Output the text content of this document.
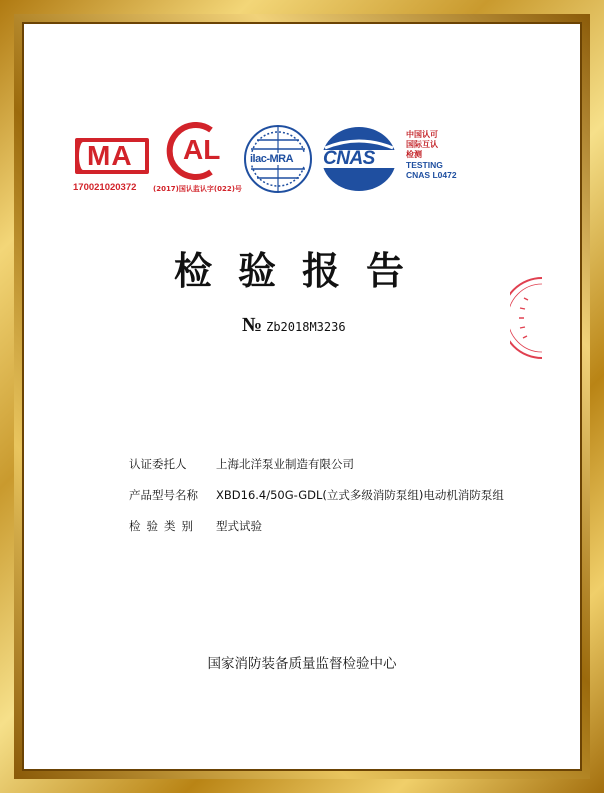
MA AL	ilac-MRA CNAS
170021020372 (2017)国认监认字(022)号
中国认可
国际互认
检测
TESTING
CNAS L0472
检验报告
№ Zb2018M3236
认证委托人	上海北洋泵业制造有限公司
产品型号名称 XBD16.4/50G-GDL(立式多级消防泵组)电动机消防泵组
检验类别 型式试验
国家消防装备质量监督检验中心
